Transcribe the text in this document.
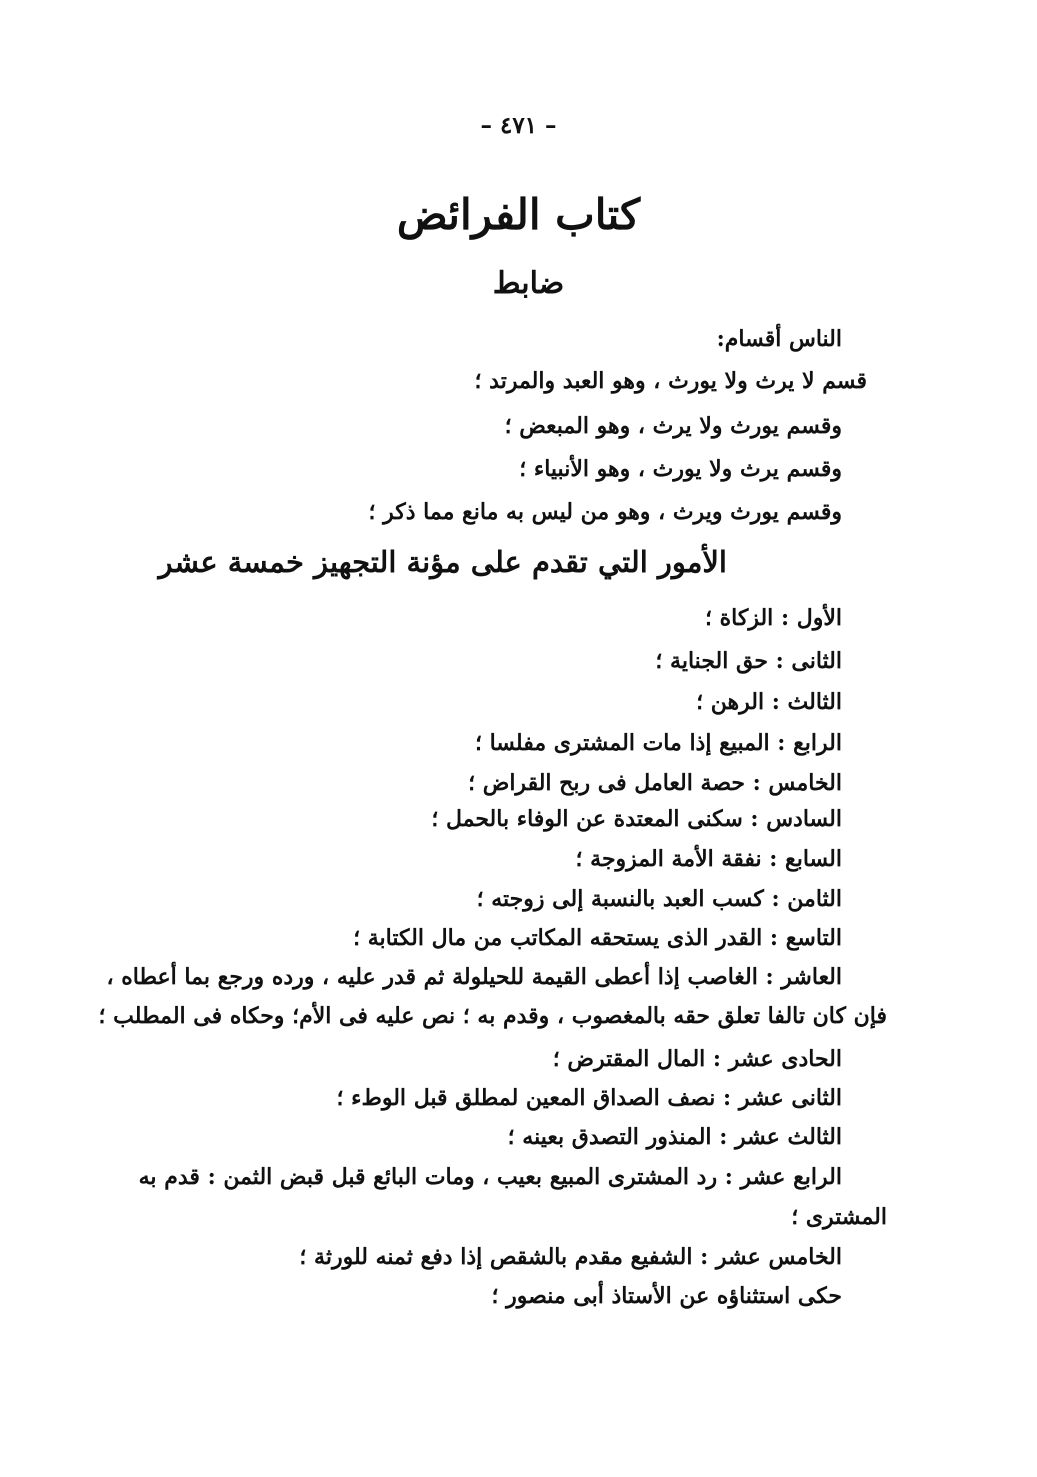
– ٤٧١ –
كتاب الفرائض
ضابط
الناس أقسام:
قسم لا يرث ولا يورث ، وهو العبد والمرتد ؛
وقسم يورث ولا يرث ، وهو المبعض ؛
وقسم يرث ولا يورث ، وهو الأنبياء ؛
وقسم يورث ويرث ، وهو من ليس به مانع مما ذكر ؛
الأمور التي تقدم على مؤنة التجهيز خمسة عشر
الأول : الزكاة ؛
الثانى : حق الجناية ؛
الثالث : الرهن ؛
الرابع : المبيع إذا مات المشترى مفلسا ؛
الخامس : حصة العامل فى ربح القراض ؛
السادس : سكنى المعتدة عن الوفاء بالحمل ؛
السابع : نفقة الأمة المزوجة ؛
الثامن : كسب العبد بالنسبة إلى زوجته ؛
التاسع : القدر الذى يستحقه المكاتب من مال الكتابة ؛
العاشر : الغاصب إذا أعطى القيمة للحيلولة ثم قدر عليه ، ورده ورجع بما أعطاه ،
فإن كان تالفا تعلق حقه بالمغصوب ، وقدم به ؛ نص عليه فى الأم؛ وحكاه فى المطلب ؛
الحادى عشر : المال المقترض ؛
الثانى عشر : نصف الصداق المعين لمطلق قبل الوطء ؛
الثالث عشر : المنذور التصدق بعينه ؛
الرابع عشر : رد المشترى المبيع بعيب ، ومات البائع قبل قبض الثمن : قدم به
المشترى ؛
الخامس عشر : الشفيع مقدم بالشقص إذا دفع ثمنه للورثة ؛
حكى استثناؤه عن الأستاذ أبى منصور ؛
